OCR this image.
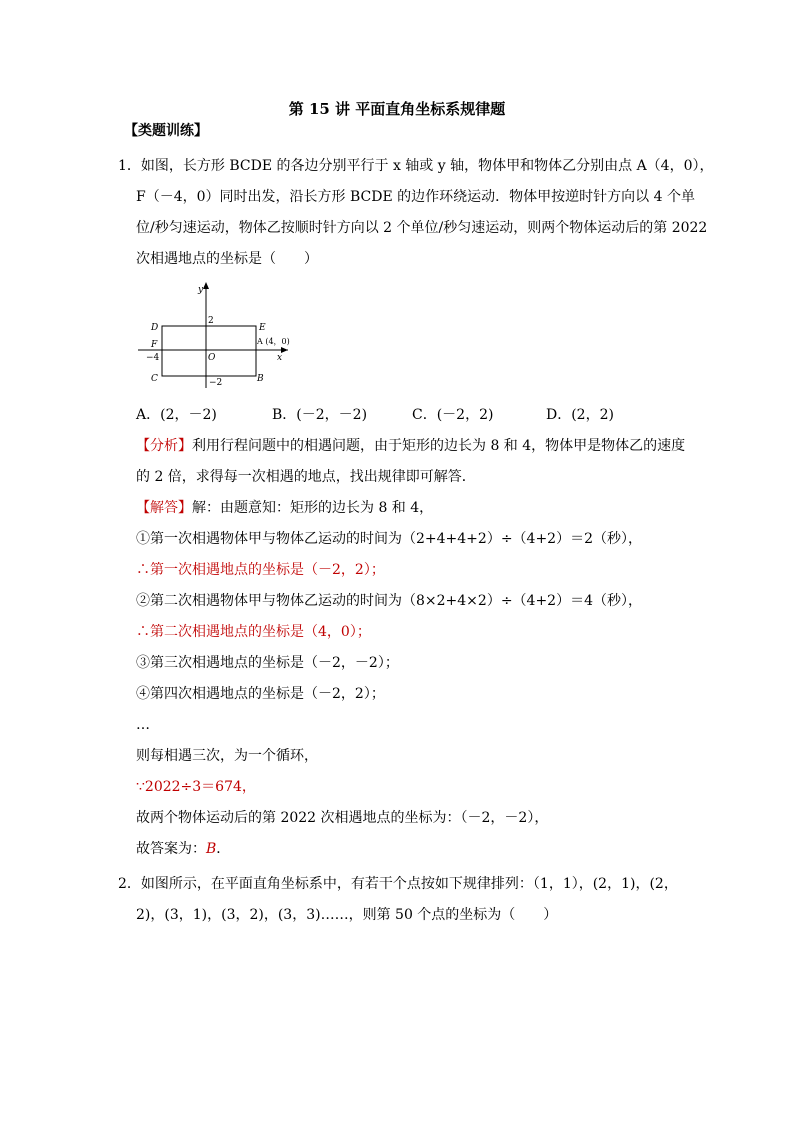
第 15 讲 平面直角坐标系规律题
【类题训练】
1．如图，长方形 BCDE 的各边分别平行于 x 轴或 y 轴，物体甲和物体乙分别由点 A（4，0），
F（－4，0）同时出发，沿长方形 BCDE 的边作环绕运动．物体甲按逆时针方向以 4 个单
位/秒匀速运动，物体乙按顺时针方向以 2 个单位/秒匀速运动，则两个物体运动后的第 2022
次相遇地点的坐标是（　　）
y
x
D	E
F
C	B
A (4，0)
O
2
−4
−2
A．(2，－2)	B．(－2，－2)	C．(－2，2)	D．(2，2)
【分析】利用行程问题中的相遇问题，由于矩形的边长为 8 和 4，物体甲是物体乙的速度
的 2 倍，求得每一次相遇的地点，找出规律即可解答．
【解答】解：由题意知：矩形的边长为 8 和 4，
①第一次相遇物体甲与物体乙运动的时间为（2+4+4+2）÷（4+2）＝2（秒），
∴第一次相遇地点的坐标是（－2，2）；
②第二次相遇物体甲与物体乙运动的时间为（8×2+4×2）÷（4+2）＝4（秒），
∴第二次相遇地点的坐标是（4，0）；
③第三次相遇地点的坐标是（－2，－2）；
④第四次相遇地点的坐标是（－2，2）；
…
则每相遇三次，为一个循环，
∵2022÷3＝674，
故两个物体运动后的第 2022 次相遇地点的坐标为：（－2，－2），
故答案为：B．
2．如图所示，在平面直角坐标系中，有若干个点按如下规律排列：（1，1），(2，1)，(2，
2)，(3，1)，(3，2)，(3，3)……，则第 50 个点的坐标为（　　）
